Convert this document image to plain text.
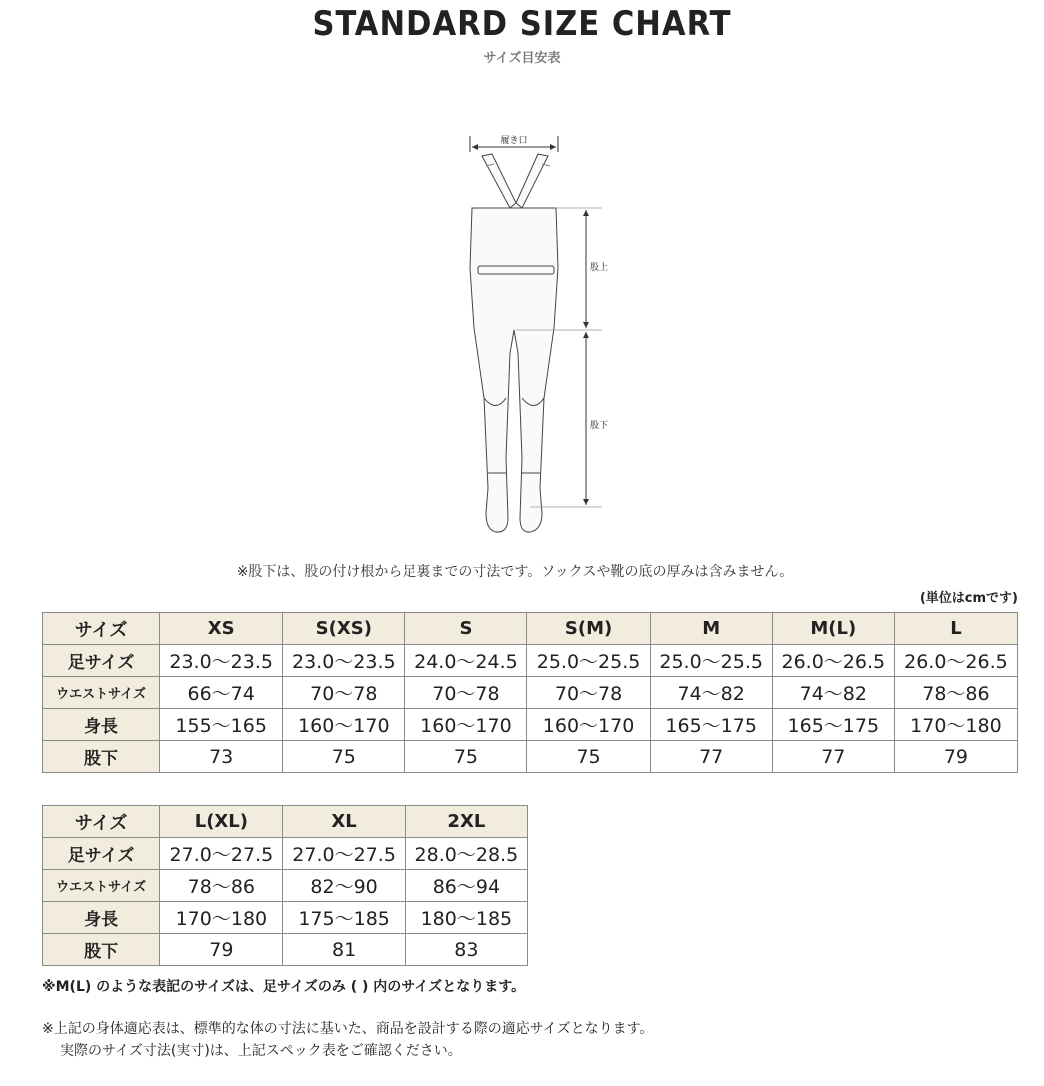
STANDARD SIZE CHART
サイズ目安表
履き口
股上
股下
※股下は、股の付け根から足裏までの寸法です。ソックスや靴の底の厚みは含みません。
(単位はcmです)
サイズ	XS	S(XS)	S	S(M)	M	M(L)	L
足サイズ	23.0～23.5	23.0～23.5	24.0～24.5	25.0～25.5	25.0～25.5	26.0～26.5	26.0～26.5
ウエストサイズ	66～74	70～78	70～78	70～78	74～82	74～82	78～86
身長	155～165	160～170	160～170	160～170	165～175	165～175	170～180
股下	73	75	75	75	77	77	79
サイズ	L(XL)	XL	2XL
足サイズ	27.0～27.5	27.0～27.5	28.0～28.5
ウエストサイズ	78～86	82～90	86～94
身長	170～180	175～185	180～185
股下	79	81	83
※M(L) のような表記のサイズは、足サイズのみ ( ) 内のサイズとなります。
※上記の身体適応表は、標準的な体の寸法に基いた、商品を設計する際の適応サイズとなります。
実際のサイズ寸法(実寸)は、上記スペック表をご確認ください。
